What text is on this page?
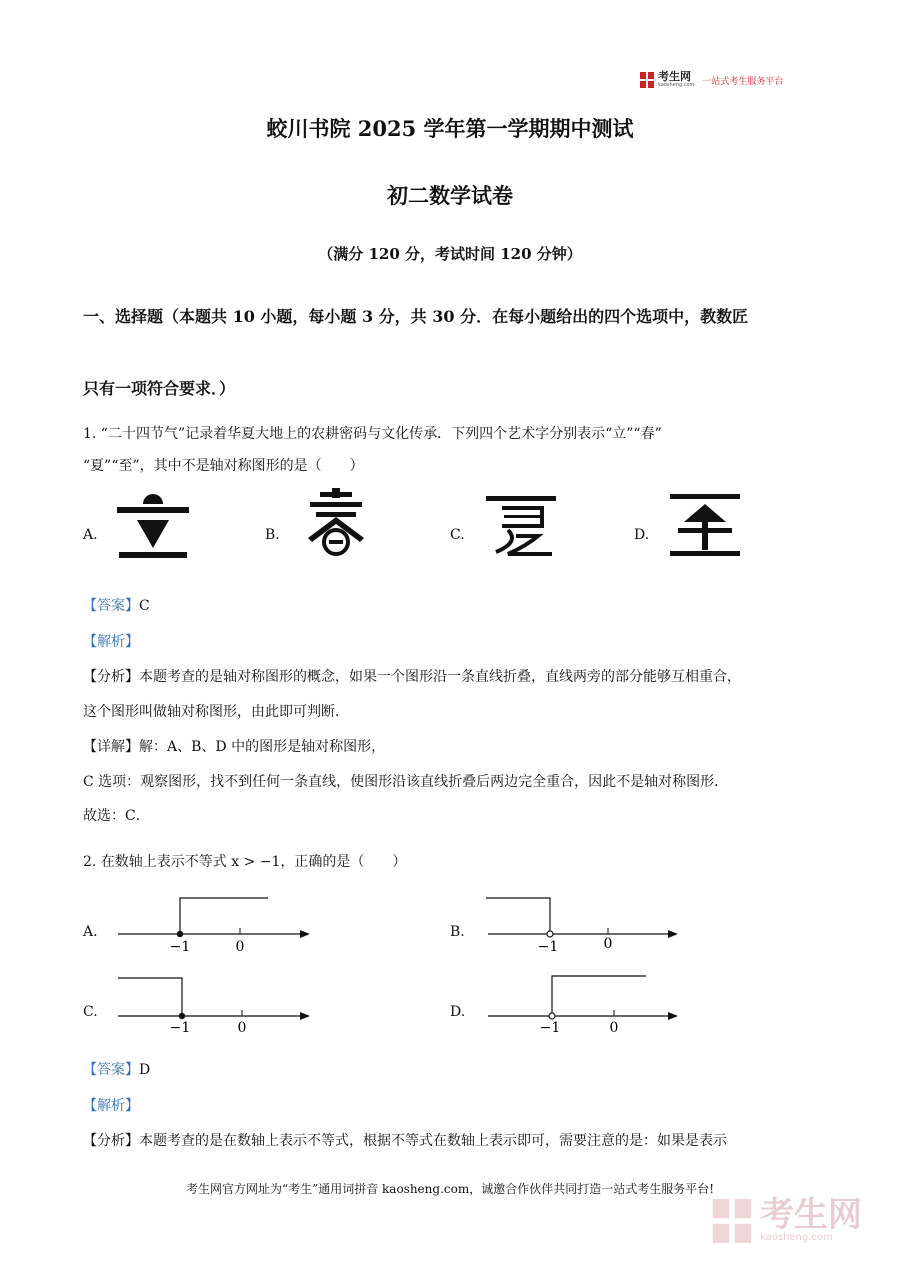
考生网
kaosheng.com 一站式考生服务平台
蛟川书院 2025 学年第一学期期中测试
初二数学试卷
（满分 120 分，考试时间 120 分钟）
一、选择题（本题共 10 小题，每小题 3 分，共 30 分．在每小题给出的四个选项中，教数匠
只有一项符合要求．）
1. “二十四节气”记录着华夏大地上的农耕密码与文化传承．下列四个艺术字分别表示“立”“春”
“夏”“至”，其中不是轴对称图形的是（　　）
A.	B.	C.	D.
【答案】C
【解析】
【分析】本题考查的是轴对称图形的概念，如果一个图形沿一条直线折叠，直线两旁的部分能够互相重合，
这个图形叫做轴对称图形，由此即可判断．
【详解】解：A、B、D 中的图形是轴对称图形，
C 选项：观察图形，找不到任何一条直线，使图形沿该直线折叠后两边完全重合，因此不是轴对称图形．
故选：C．
2. 在数轴上表示不等式 x > −1，正确的是（　　）
A.	B.
C.	D.
−1	0	−1	0
−1	0	−1	0
【答案】D
【解析】
【分析】本题考查的是在数轴上表示不等式，根据不等式在数轴上表示即可，需要注意的是：如果是表示
考生网官方网址为“考生”通用词拼音 kaosheng.com，诚邀合作伙伴共同打造一站式考生服务平台!
考生网
kaosheng.com
